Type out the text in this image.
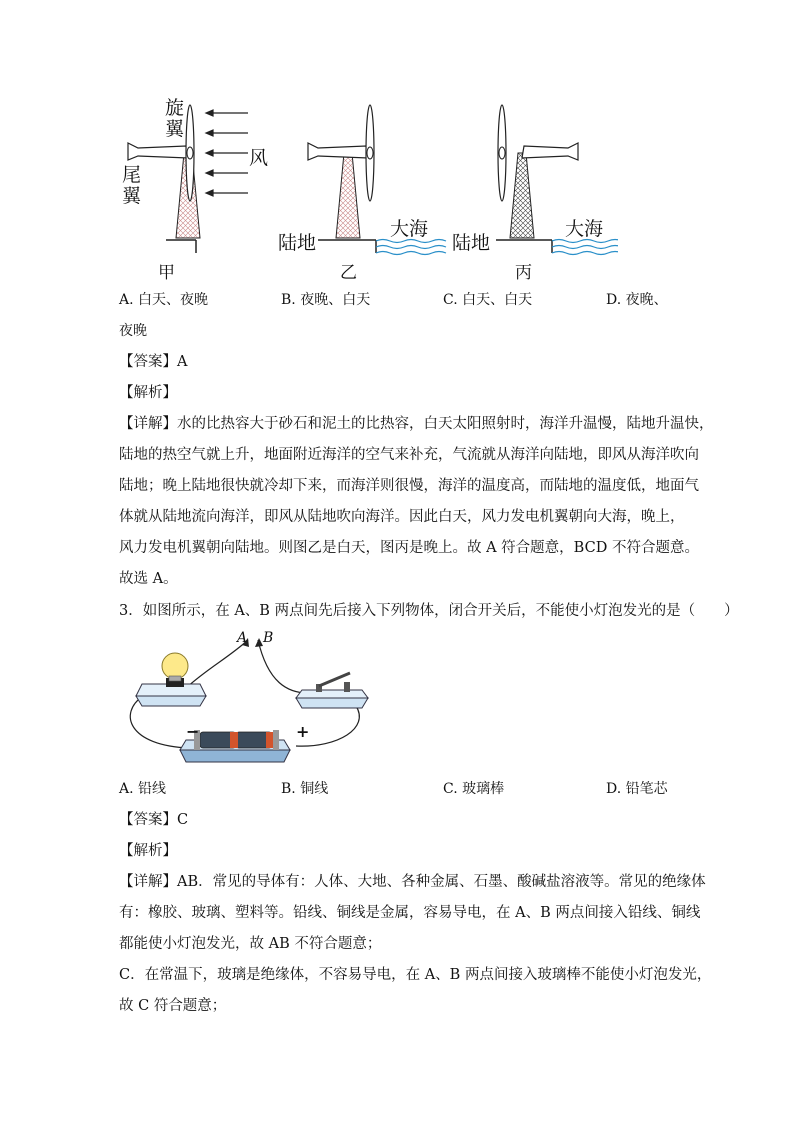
旋翼
尾翼
风
陆地
大海
陆地
大海
甲	乙	丙
A. 白天、夜晚	B. 夜晚、白天	C. 白天、白天	D. 夜晚、
夜晚
【答案】A
【解析】
【详解】水的比热容大于砂石和泥土的比热容，白天太阳照射时，海洋升温慢，陆地升温快，
陆地的热空气就上升，地面附近海洋的空气来补充，气流就从海洋向陆地，即风从海洋吹向
陆地；晚上陆地很快就冷却下来，而海洋则很慢，海洋的温度高，而陆地的温度低，地面气
体就从陆地流向海洋，即风从陆地吹向海洋。因此白天，风力发电机翼朝向大海，晚上，
风力发电机翼朝向陆地。则图乙是白天，图丙是晚上。故 A 符合题意，BCD 不符合题意。
故选 A。
3．如图所示，在 A、B 两点间先后接入下列物体，闭合开关后，不能使小灯泡发光的是（　　）
A B
−	+
A. 铅线	B. 铜线	C. 玻璃棒	D. 铅笔芯
【答案】C
【解析】
【详解】AB．常见的导体有：人体、大地、各种金属、石墨、酸碱盐溶液等。常见的绝缘体
有：橡胶、玻璃、塑料等。铅线、铜线是金属，容易导电，在 A、B 两点间接入铅线、铜线
都能使小灯泡发光，故 AB 不符合题意；
C．在常温下，玻璃是绝缘体，不容易导电，在 A、B 两点间接入玻璃棒不能使小灯泡发光，
故 C 符合题意；
